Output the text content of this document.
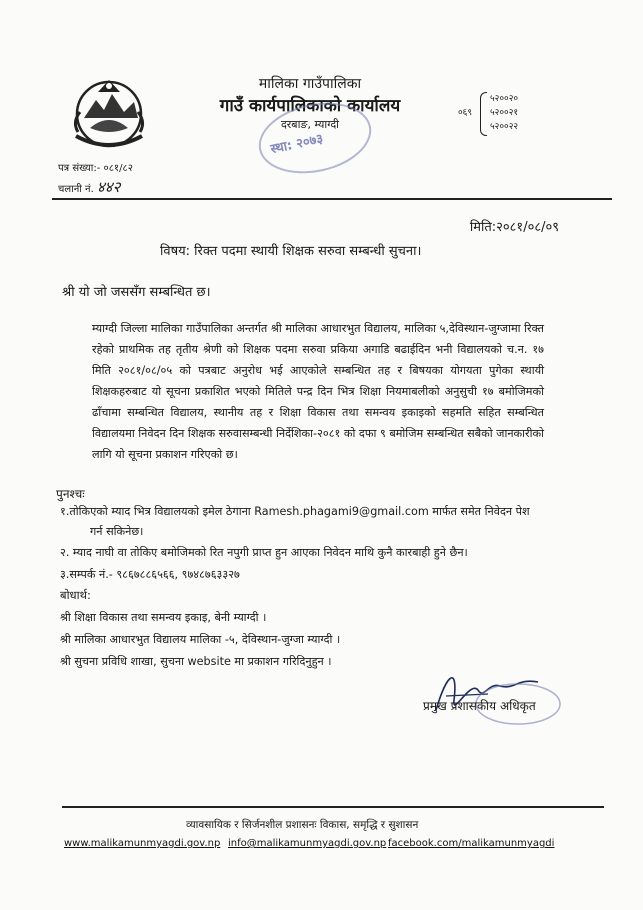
मालिका गाउँपालिका
गाउँ कार्यपालिकाको कार्यालय
दरबाङ, म्याग्दी
स्था: २०७३
०६९
५२००२०
५२००२१
५२००२२
पत्र संख्या:- ०८१/८२
चलानी नं. ४४२
मिति:२०८१/०८/०९
विषय: रिक्त पदमा स्थायी शिक्षक सरुवा सम्बन्धी सुचना।
श्री यो जो जससँग सम्बन्धित छ।
म्याग्दी जिल्ला मालिका गाउँपालिका अन्तर्गत श्री मालिका आधारभुत विद्यालय, मालिका ५,देविस्थान-जुग्जामा रिक्त रहेको प्राथमिक तह तृतीय श्रेणी को शिक्षक पदमा सरुवा प्रकिया अगाडि बढाईदिन भनी विद्यालयको च.न. १७ मिति २०८१/०८/०५ को पत्रबाट अनुरोध भई आएकोले सम्बन्धित तह र बिषयका योगयता पुगेका स्थायी शिक्षकहरुबाट यो सूचना प्रकाशित भएको मितिले पन्द्र दिन भित्र शिक्षा नियमाबलीको अनुसुची १७ बमोजिमको ढाँचामा सम्बन्धित विद्यालय, स्थानीय तह र शिक्षा विकास तथा समन्वय इकाइको सहमति सहित सम्बन्धित विद्यालयमा निवेदन दिन शिक्षक सरुवासम्बन्धी निर्देशिका-२०८१ को दफा ९ बमोजिम सम्बन्धित सबैको जानकारीको लागि यो सूचना प्रकाशन गरिएको छ।
पुनश्चः
१.तोकिएको म्याद भित्र विद्यालयको इमेल ठेगाना Ramesh.phagami9@gmail.com मार्फत समेत निवेदन पेश
गर्न सकिनेछ।
२. म्याद नाघी वा तोकिए बमोजिमको रित नपुगी प्राप्त हुन आएका निवेदन माथि कुनै कारबाही हुने छैन।
३.सम्पर्क नं.- ९८६७८८६५६६, ९७४८७६३३२७
बोधार्थ:
श्री शिक्षा विकास तथा समन्वय इकाइ, बेनी म्याग्दी ।
श्री मालिका आधारभुत विद्यालय मालिका -५, देविस्थान-जुग्जा म्याग्दी ।
श्री सुचना प्रविधि शाखा, सुचना website मा प्रकाशन गरिदिनुहुन ।
प्रमुख प्रशासकीय अधिकृत
व्यावसायिक र सिर्जनशील प्रशासनः विकास, समृद्धि र सुशासन
www.malikamunmyagdi.gov.np info@malikamunmyagdi.gov.np facebook.com/malikamunmyagdi
